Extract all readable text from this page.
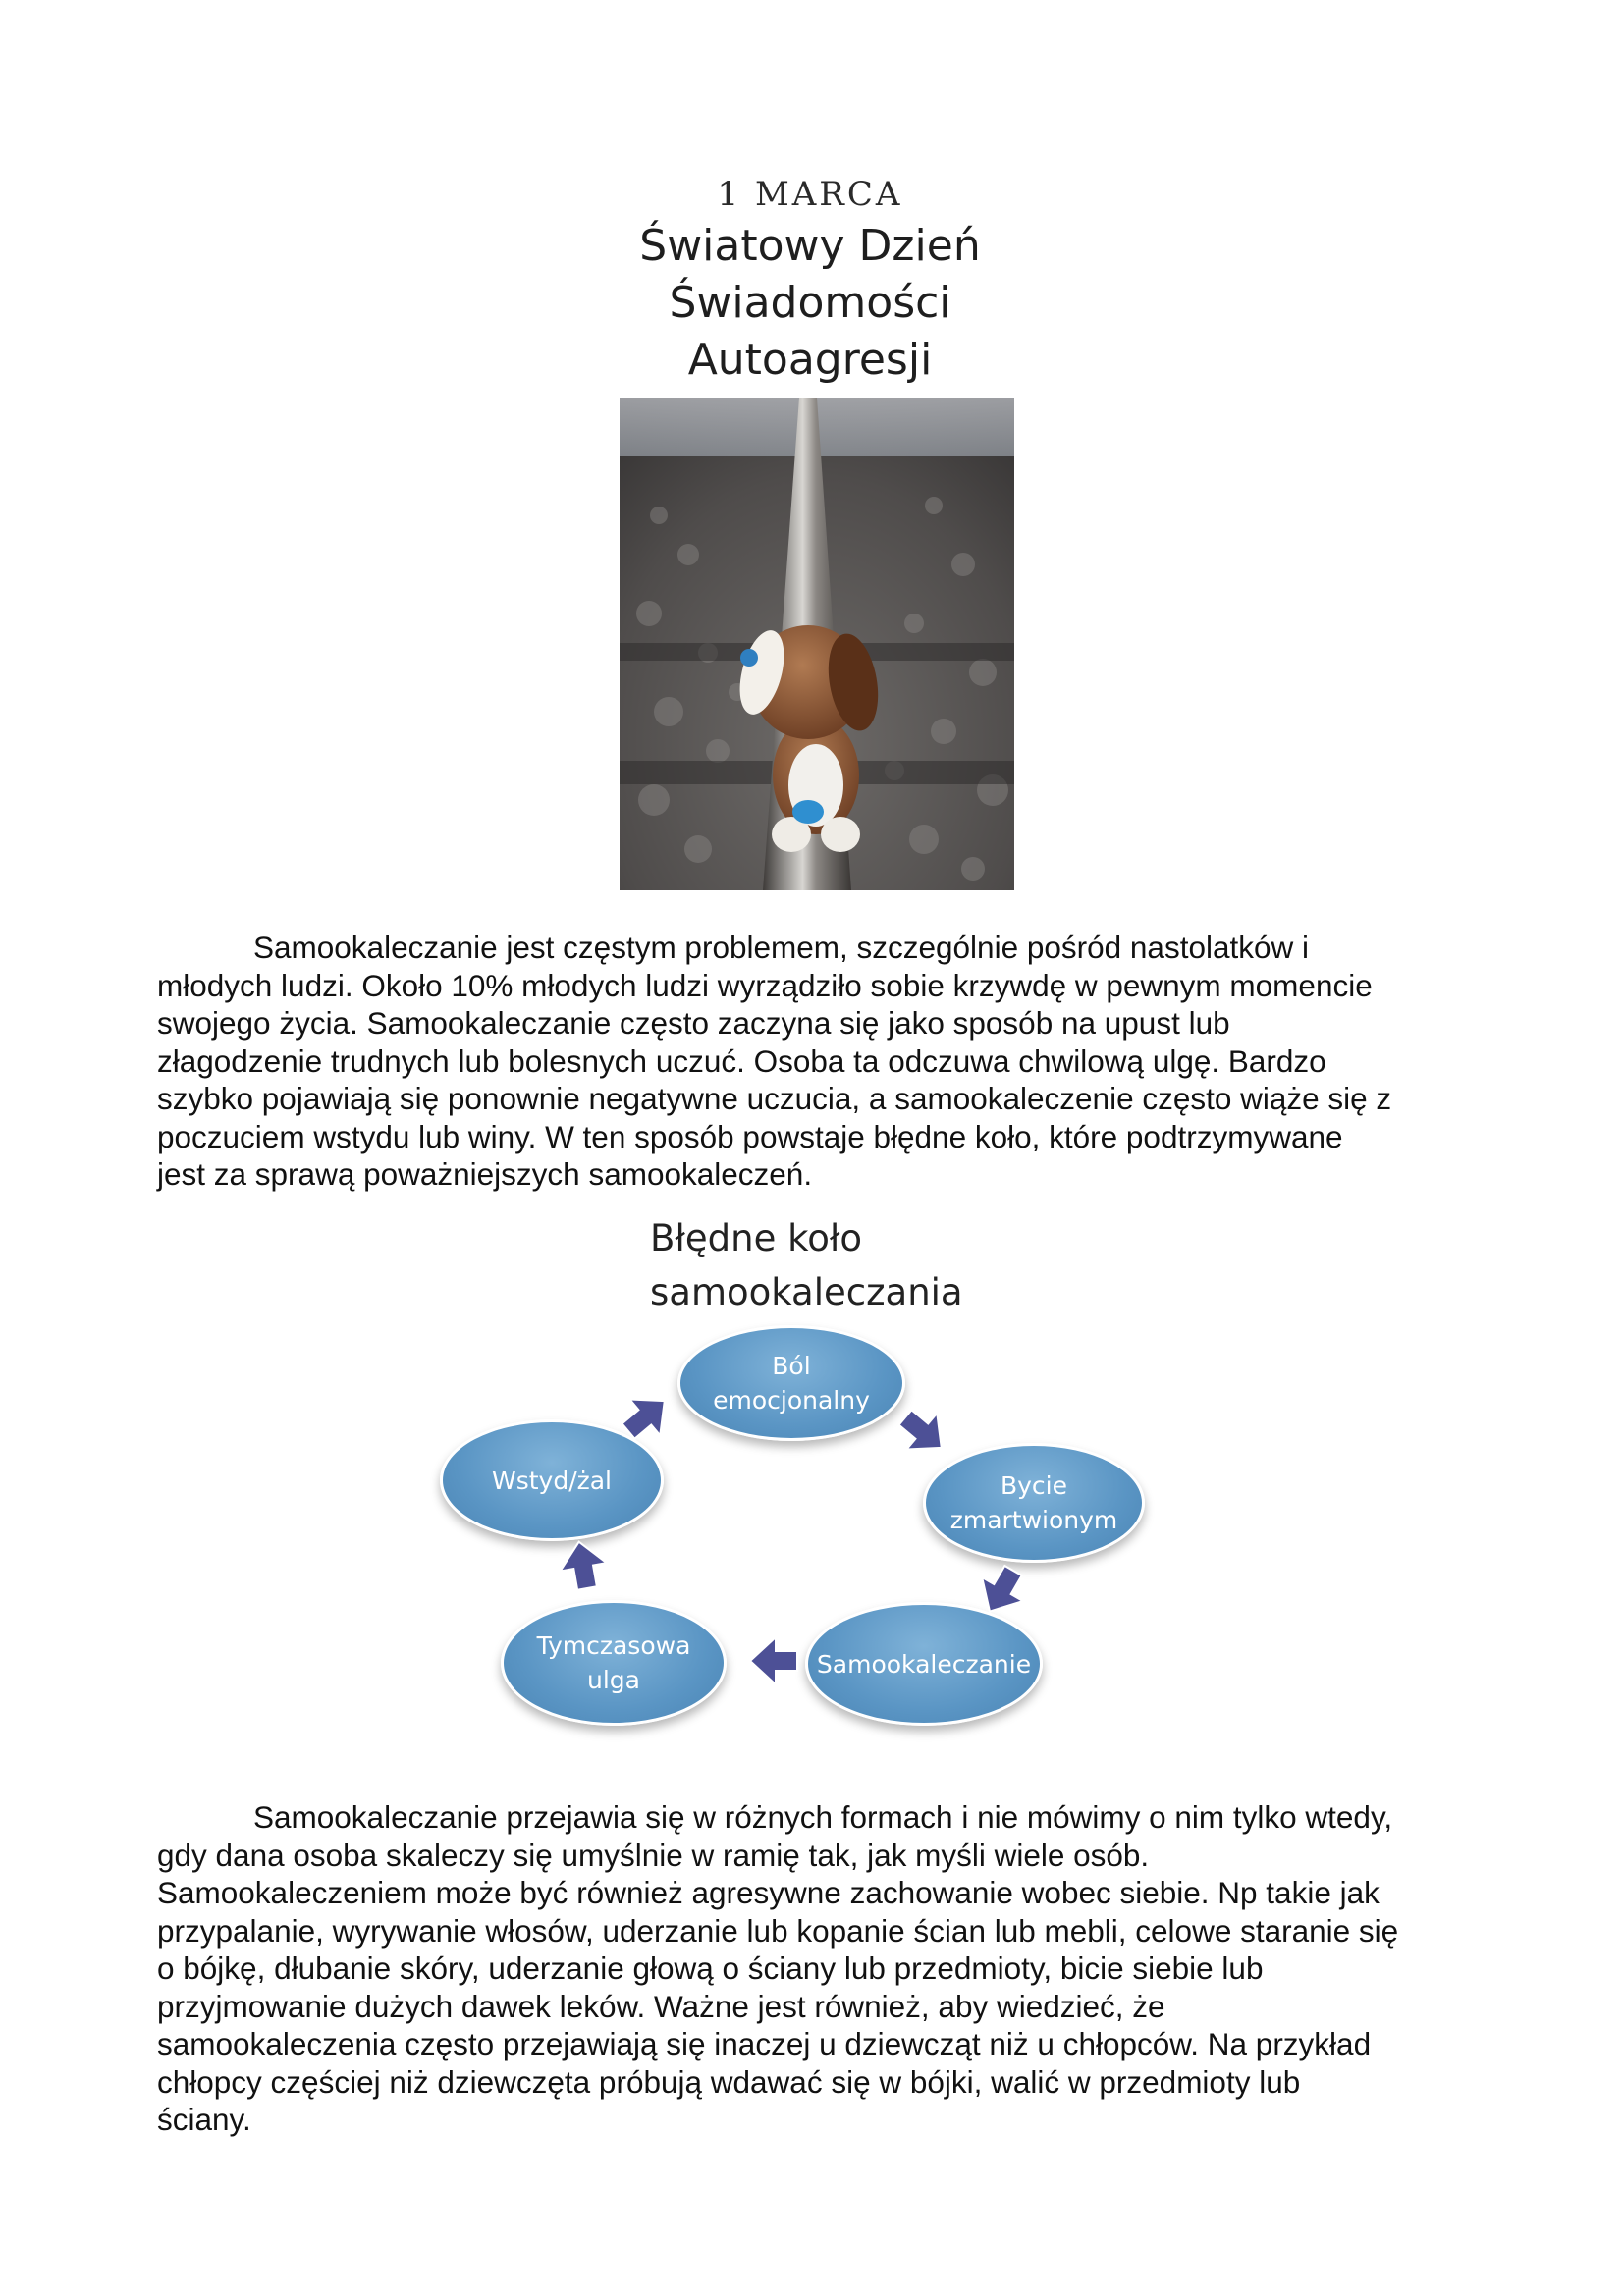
1 MARCA
Światowy Dzień
Świadomości
Autoagresji

Samookaleczanie jest częstym problemem, szczególnie pośród nastolatków i

młodych ludzi. Około 10% młodych ludzi wyrządziło sobie krzywdę w pewnym momencie

swojego życia. Samookaleczanie często zaczyna się jako sposób na upust lub

złagodzenie trudnych lub bolesnych uczuć. Osoba ta odczuwa chwilową ulgę. Bardzo

szybko pojawiają się ponownie negatywne uczucia, a samookaleczenie często wiąże się z

poczuciem wstydu lub winy. W ten sposób powstaje błędne koło, które podtrzymywane

jest za sprawą poważniejszych samookaleczeń.

Błędne koło
samookaleczania
Ból
emocjonalny
Bycie
zmartwionym
Samookaleczanie
Tymczasowa
ulga
Wstyd/żal

Samookaleczanie przejawia się w różnych formach i nie mówimy o nim tylko wtedy,

gdy dana osoba skaleczy się umyślnie w ramię tak, jak myśli wiele osób.

Samookaleczeniem może być również agresywne zachowanie wobec siebie. Np takie jak

przypalanie, wyrywanie włosów, uderzanie lub kopanie ścian lub mebli, celowe staranie się

o bójkę, dłubanie skóry, uderzanie głową o ściany lub przedmioty, bicie siebie lub

przyjmowanie dużych dawek leków. Ważne jest również, aby wiedzieć, że

samookaleczenia często przejawiają się inaczej u dziewcząt niż u chłopców. Na przykład

chłopcy częściej niż dziewczęta próbują wdawać się w bójki, walić w przedmioty lub

ściany.
